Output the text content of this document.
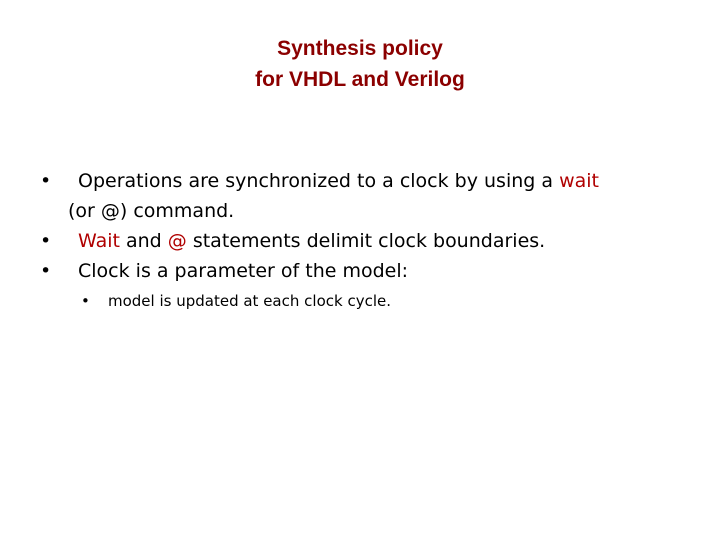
Synthesis policy
for VHDL and Verilog
• Operations are synchronized to a clock by using a wait
(or @) command.
• Wait and @ statements delimit clock boundaries.
• Clock is a parameter of the model:
• model is updated at each clock cycle.
